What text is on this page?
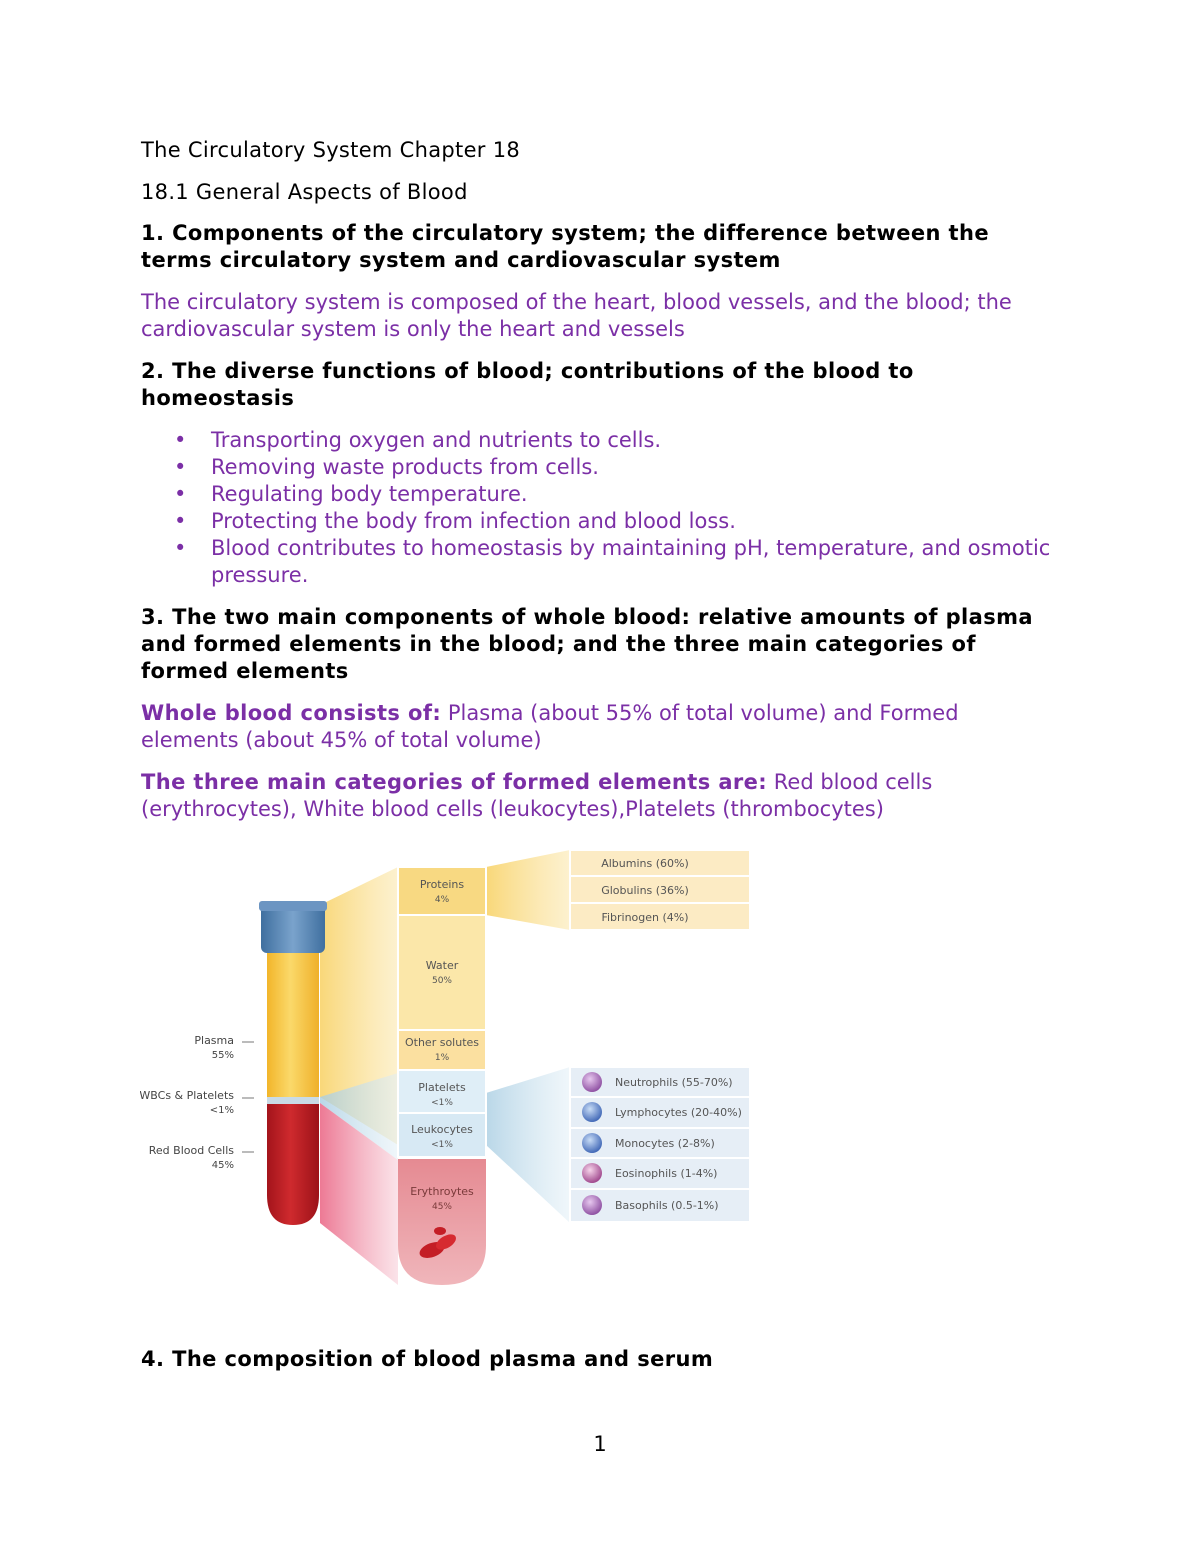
The Circulatory System Chapter 18

18.1 General Aspects of Blood

1. Components of the circulatory system; the difference between the terms circulatory system and cardiovascular system

The circulatory system is composed of the heart, blood vessels, and the blood; the cardiovascular system is only the heart and vessels

2. The diverse functions of blood; contributions of the blood to homeostasis

• Transporting oxygen and nutrients to cells.
• Removing waste products from cells.
• Regulating body temperature.
• Protecting the body from infection and blood loss.
• Blood contributes to homeostasis by maintaining pH, temperature, and osmotic pressure.

3. The two main components of whole blood: relative amounts of plasma and formed elements in the blood; and the three main categories of formed elements

Whole blood consists of: Plasma (about 55% of total volume) and Formed elements (about 45% of total volume)

The three main categories of formed elements are: Red blood cells (erythrocytes), White blood cells (leukocytes),Platelets (thrombocytes)

Plasma
55%
WBCs & Platelets
<1%
Red Blood Cells
45%
Proteins
4%
Water
50%
Other solutes
1%
Platelets
<1%
Leukocytes
<1%
Erythroytes
45%
Albumins (60%)
Globulins (36%)
Fibrinogen (4%)
Neutrophils (55-70%)
Lymphocytes (20-40%)
Monocytes (2-8%)
Eosinophils (1-4%)
Basophils (0.5-1%)

4. The composition of blood plasma and serum

1
